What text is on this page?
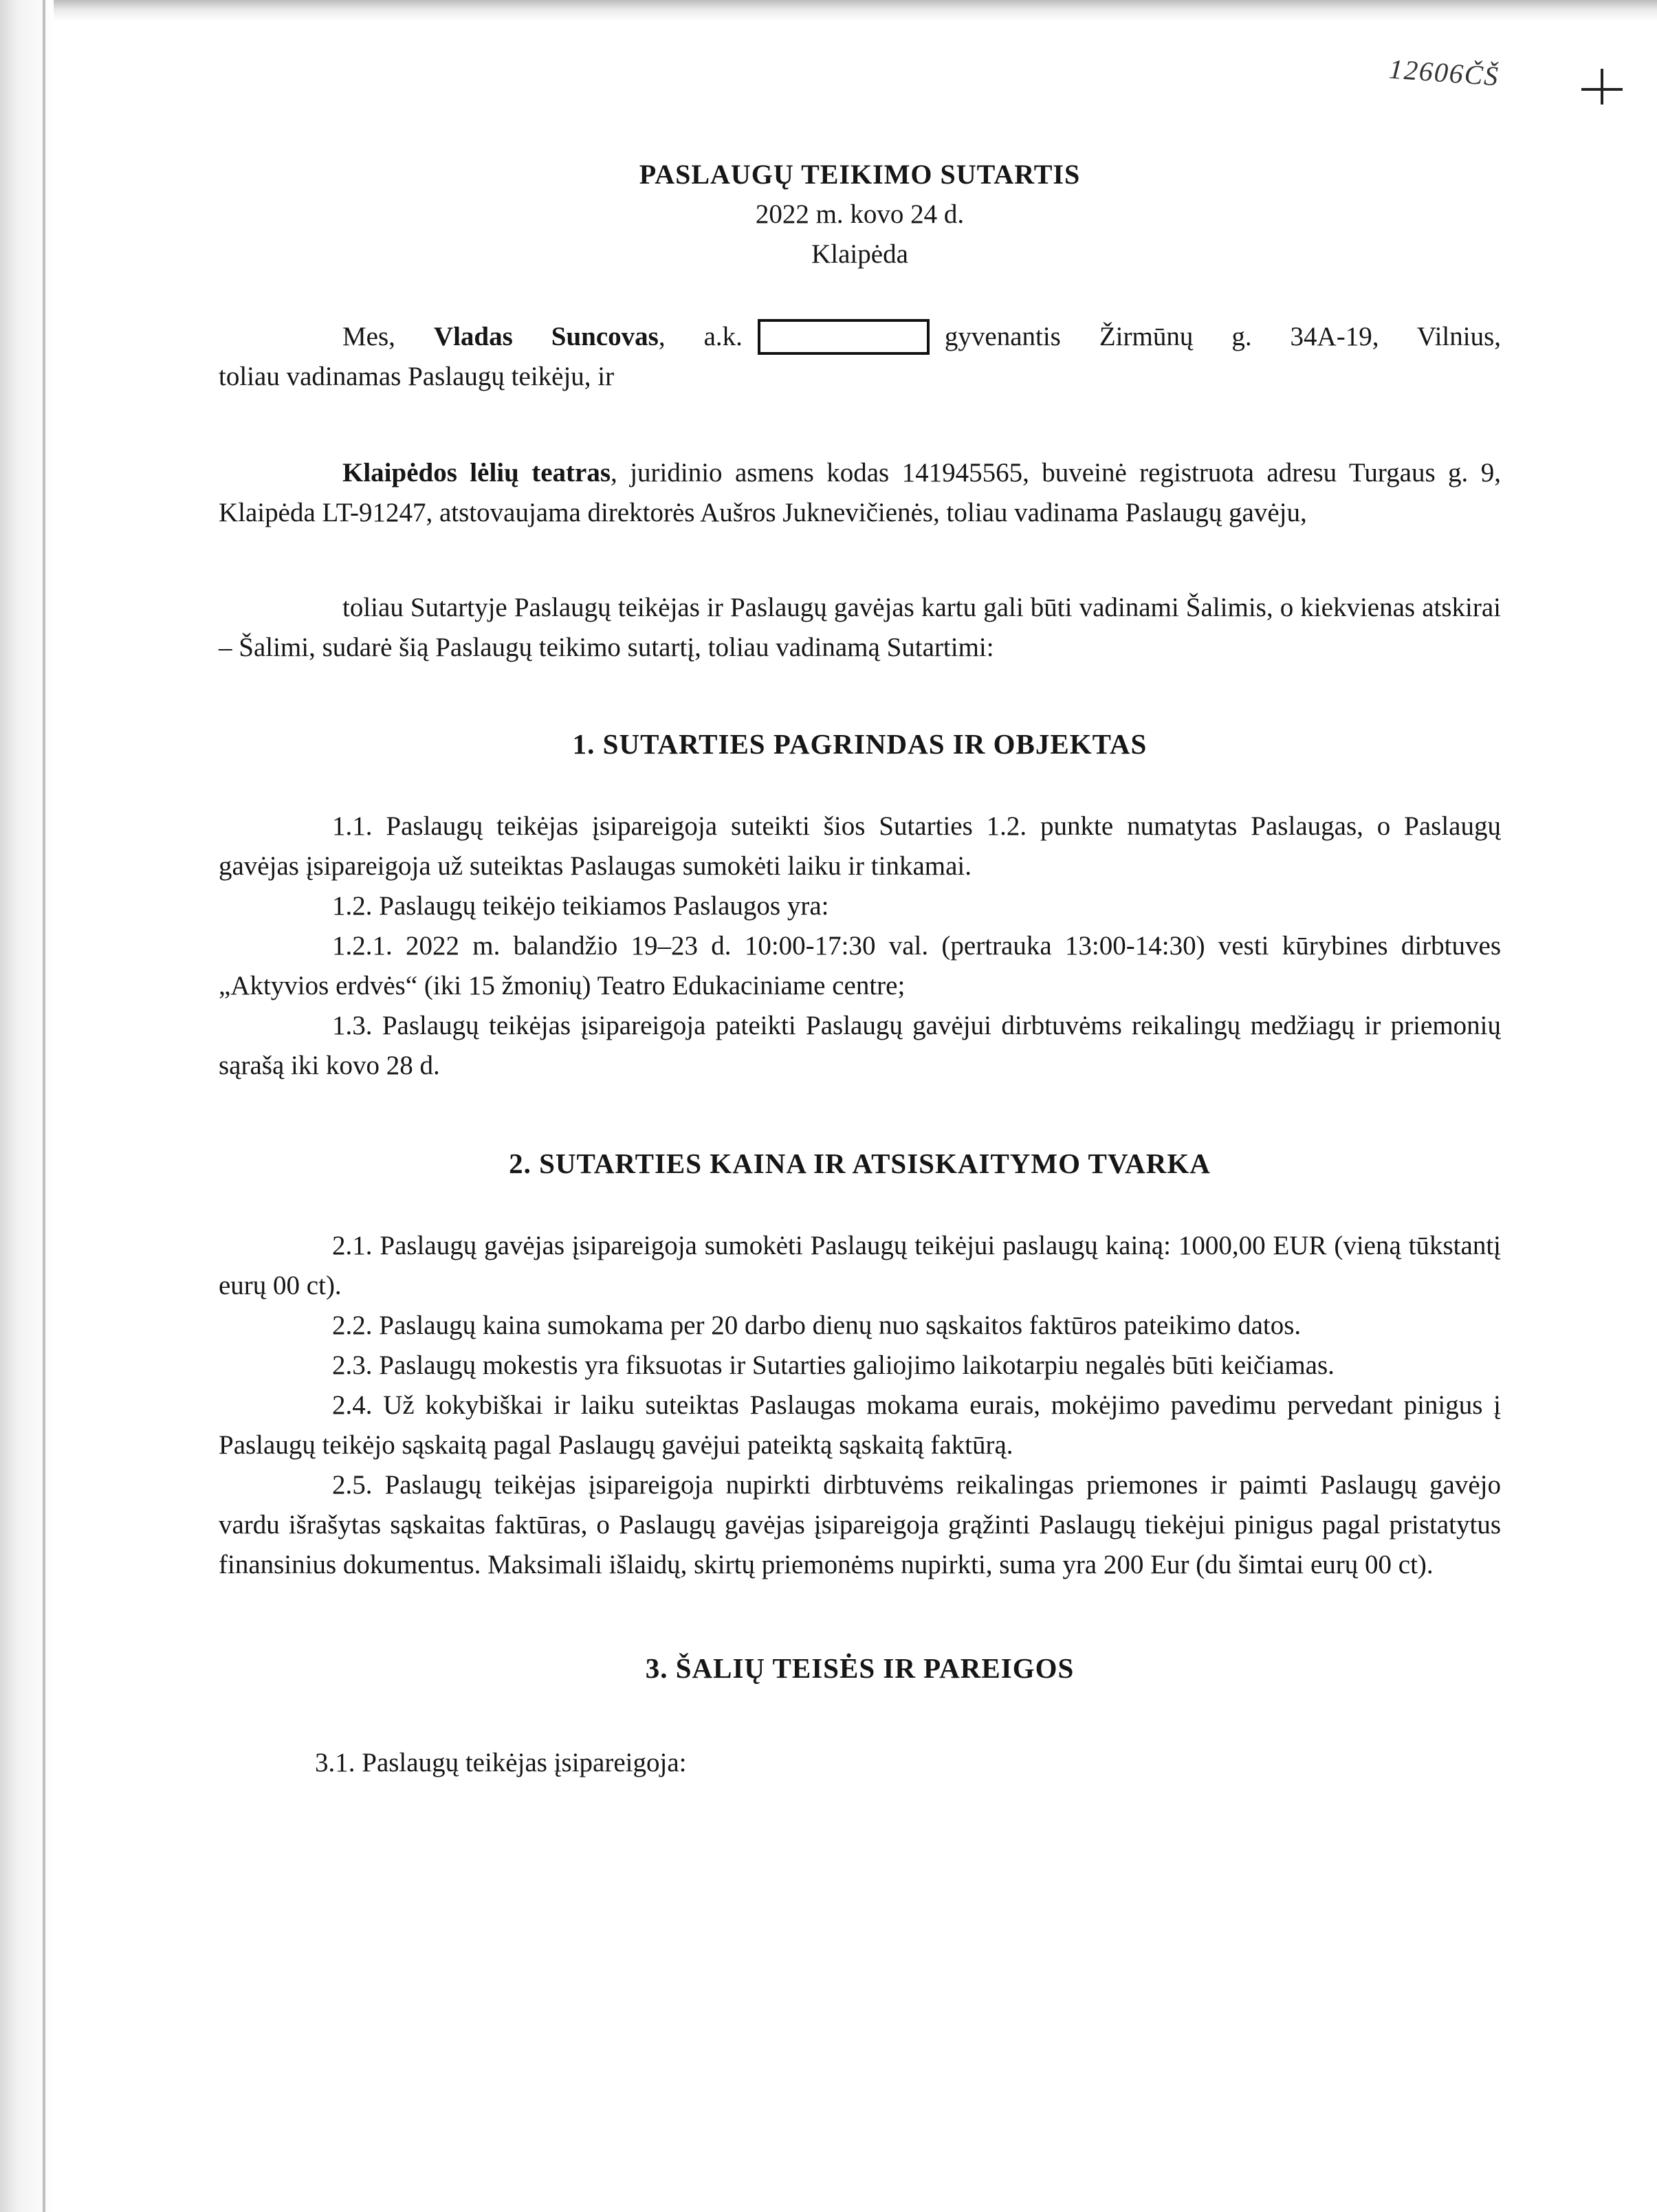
12606ČŠ
PASLAUGŲ TEIKIMO SUTARTIS
2022 m. kovo 24 d.
Klaipėda

Mes, Vladas Suncovas, a.k.	gyvenantis Žirmūnų g. 34A-19, Vilnius,

toliau vadinamas Paslaugų teikėju, ir

Klaipėdos lėlių teatras, juridinio asmens kodas 141945565, buveinė registruota adresu Turgaus g. 9, Klaipėda LT-91247, atstovaujama direktorės Aušros Juknevičienės, toliau vadinama Paslaugų gavėju,

toliau Sutartyje Paslaugų teikėjas ir Paslaugų gavėjas kartu gali būti vadinami Šalimis, o kiekvienas atskirai – Šalimi, sudarė šią Paslaugų teikimo sutartį, toliau vadinamą Sutartimi:

1. SUTARTIES PAGRINDAS IR OBJEKTAS

1.1. Paslaugų teikėjas įsipareigoja suteikti šios Sutarties 1.2. punkte numatytas Paslaugas, o Paslaugų gavėjas įsipareigoja už suteiktas Paslaugas sumokėti laiku ir tinkamai.

1.2. Paslaugų teikėjo teikiamos Paslaugos yra:

1.2.1. 2022 m. balandžio 19–23 d. 10:00-17:30 val. (pertrauka 13:00-14:30) vesti kūrybines dirbtuves „Aktyvios erdvės“ (iki 15 žmonių) Teatro Edukaciniame centre;

1.3. Paslaugų teikėjas įsipareigoja pateikti Paslaugų gavėjui dirbtuvėms reikalingų medžiagų ir priemonių sąrašą iki kovo 28 d.

2. SUTARTIES KAINA IR ATSISKAITYMO TVARKA

2.1. Paslaugų gavėjas įsipareigoja sumokėti Paslaugų teikėjui paslaugų kainą: 1000,00 EUR (vieną tūkstantį eurų 00 ct).

2.2. Paslaugų kaina sumokama per 20 darbo dienų nuo sąskaitos faktūros pateikimo datos.

2.3. Paslaugų mokestis yra fiksuotas ir Sutarties galiojimo laikotarpiu negalės būti keičiamas.

2.4. Už kokybiškai ir laiku suteiktas Paslaugas mokama eurais, mokėjimo pavedimu pervedant pinigus į Paslaugų teikėjo sąskaitą pagal Paslaugų gavėjui pateiktą sąskaitą faktūrą.

2.5. Paslaugų teikėjas įsipareigoja nupirkti dirbtuvėms reikalingas priemones ir paimti Paslaugų gavėjo vardu išrašytas sąskaitas faktūras, o Paslaugų gavėjas įsipareigoja grąžinti Paslaugų tiekėjui pinigus pagal pristatytus finansinius dokumentus. Maksimali išlaidų, skirtų priemonėms nupirkti, suma yra 200 Eur (du šimtai eurų 00 ct).

3. ŠALIŲ TEISĖS IR PAREIGOS

3.1. Paslaugų teikėjas įsipareigoja:
